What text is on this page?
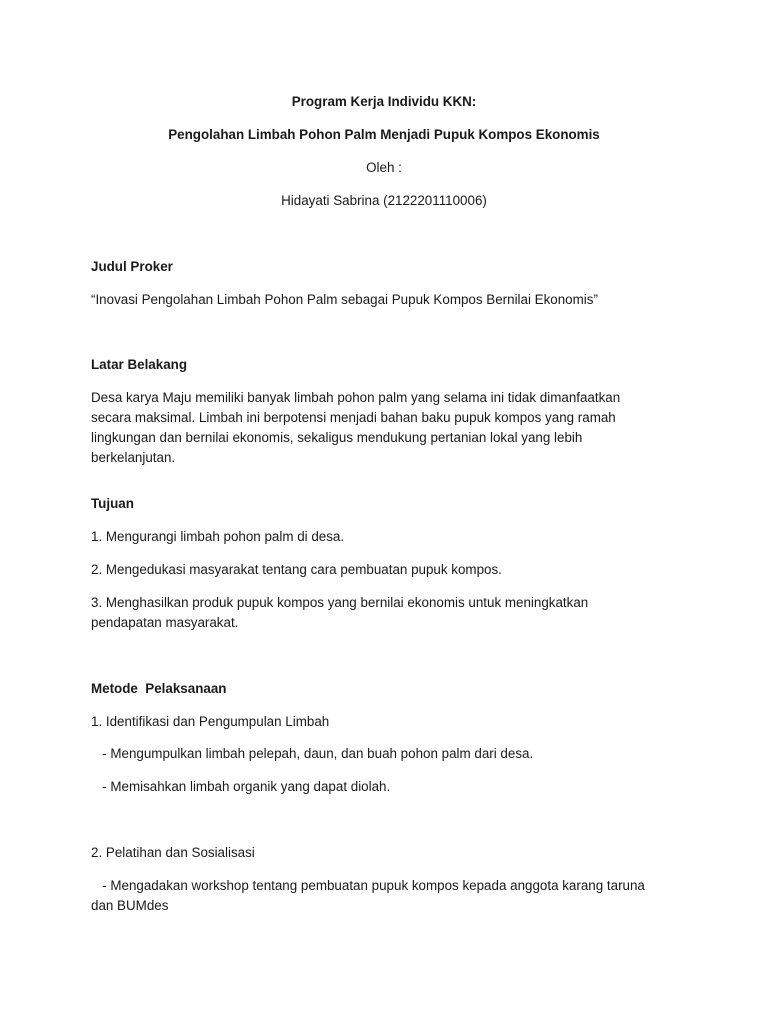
Program Kerja Individu KKN:
Pengolahan Limbah Pohon Palm Menjadi Pupuk Kompos Ekonomis
Oleh :
Hidayati Sabrina (2122201110006)
Judul Proker
“Inovasi Pengolahan Limbah Pohon Palm sebagai Pupuk Kompos Bernilai Ekonomis”
Latar Belakang
Desa karya Maju memiliki banyak limbah pohon palm yang selama ini tidak dimanfaatkan secara maksimal. Limbah ini berpotensi menjadi bahan baku pupuk kompos yang ramah lingkungan dan bernilai ekonomis, sekaligus mendukung pertanian lokal yang lebih berkelanjutan.
Tujuan
1. Mengurangi limbah pohon palm di desa.
2. Mengedukasi masyarakat tentang cara pembuatan pupuk kompos.
3. Menghasilkan produk pupuk kompos yang bernilai ekonomis untuk meningkatkan pendapatan masyarakat.
Metode  Pelaksanaan
1. Identifikasi dan Pengumpulan Limbah
- Mengumpulkan limbah pelepah, daun, dan buah pohon palm dari desa.
- Memisahkan limbah organik yang dapat diolah.
2. Pelatihan dan Sosialisasi
- Mengadakan workshop tentang pembuatan pupuk kompos kepada anggota karang taruna dan BUMdes
